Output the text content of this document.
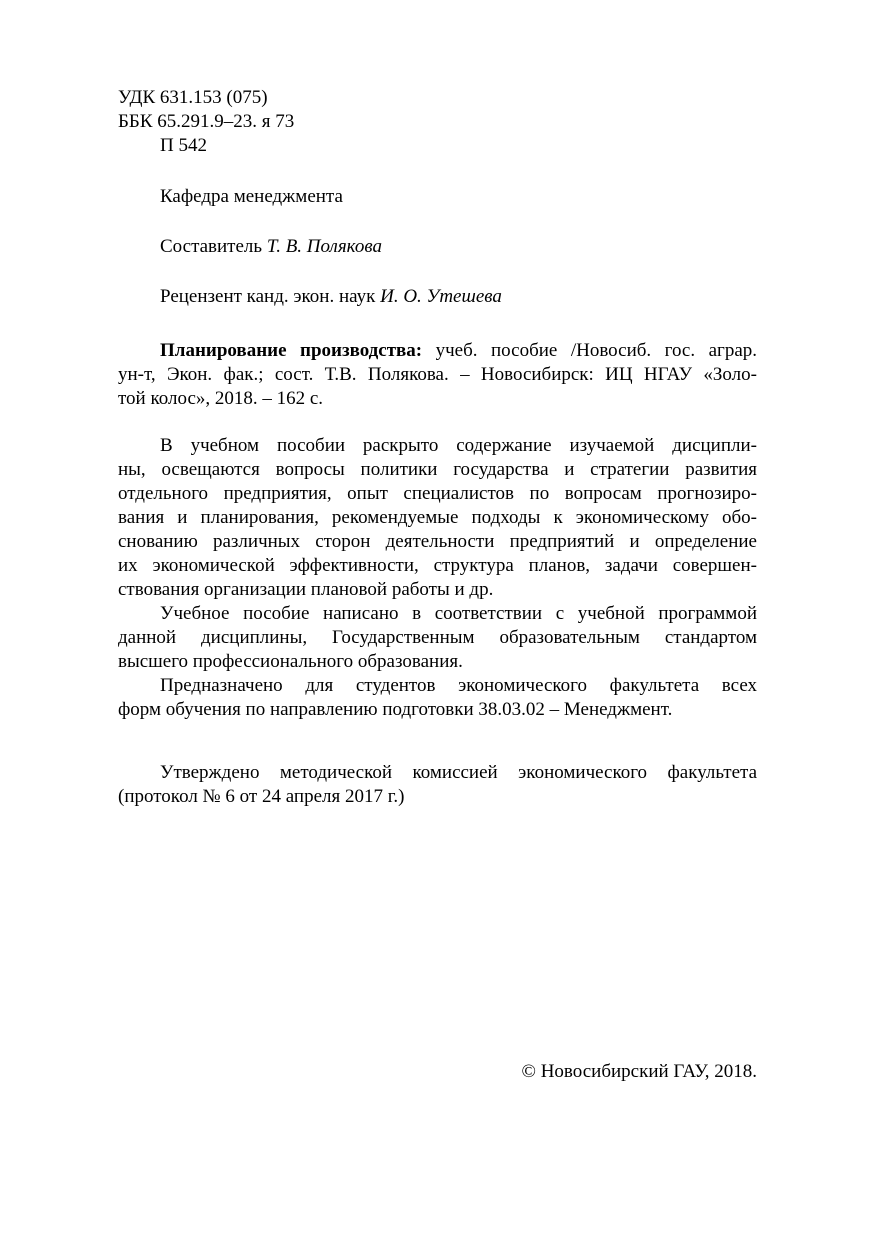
УДК 631.153 (075)
ББК 65.291.9–23. я 73
П 542
Кафедра менеджмента
Составитель Т. В. Полякова
Рецензент канд. экон. наук И. О. Утешева
Планирование производства: учеб. пособие /Новосиб. гос. аграр.
ун-т, Экон. фак.; сост. Т.В. Полякова. – Новосибирск: ИЦ НГАУ «Золо-
той колос», 2018. – 162 с.
В учебном пособии раскрыто содержание изучаемой дисципли-
ны, освещаются вопросы политики государства и стратегии развития
отдельного предприятия, опыт специалистов по вопросам прогнозиро-
вания и планирования, рекомендуемые подходы к экономическому обо-
снованию различных сторон деятельности предприятий и определение
их экономической эффективности, структура планов, задачи совершен-
ствования организации плановой работы и др.
Учебное пособие написано в соответствии с учебной программой
данной дисциплины, Государственным образовательным стандартом
высшего профессионального образования.
Предназначено для студентов экономического факультета всех
форм обучения по направлению подготовки 38.03.02 – Менеджмент.
Утверждено методической комиссией экономического факультета
(протокол № 6 от 24 апреля 2017 г.)
© Новосибирский ГАУ, 2018.
